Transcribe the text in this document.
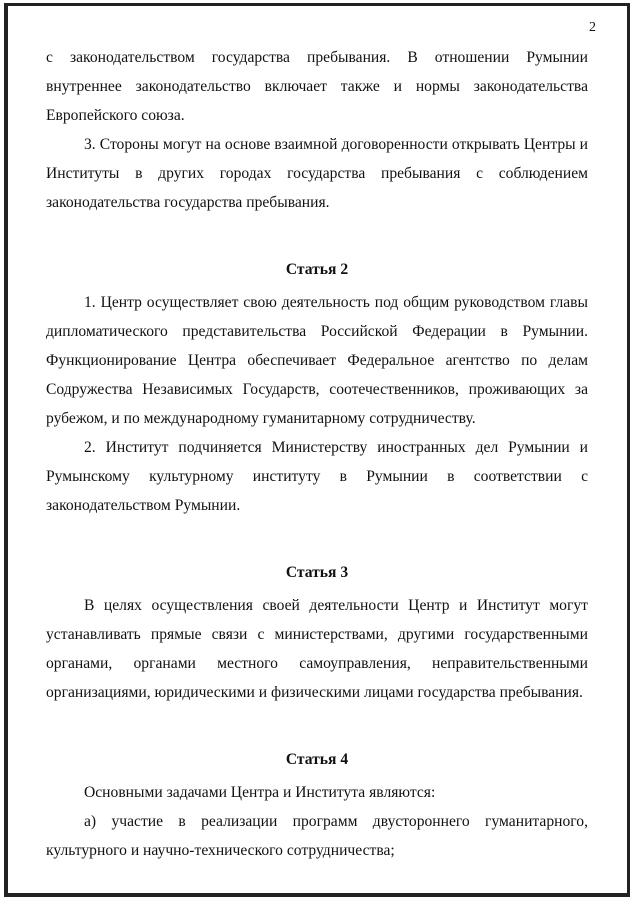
2

с законодательством государства пребывания. В отношении Румынии внутреннее законодательство включает также и нормы законодательства Европейского союза.

3. Стороны могут на основе взаимной договоренности открывать Центры и Институты в других городах государства пребывания с соблюдением законодательства государства пребывания.

Статья 2

1. Центр осуществляет свою деятельность под общим руководством главы дипломатического представительства Российской Федерации в Румынии. Функционирование Центра обеспечивает Федеральное агентство по делам Содружества Независимых Государств, соотечественников, проживающих за рубежом, и по международному гуманитарному сотрудничеству.

2. Институт подчиняется Министерству иностранных дел Румынии и Румынскому культурному институту в Румынии в соответствии с законодательством Румынии.

Статья 3

В целях осуществления своей деятельности Центр и Институт могут устанавливать прямые связи с министерствами, другими государственными органами, органами местного самоуправления, неправительственными организациями, юридическими и физическими лицами государства пребывания.

Статья 4

Основными задачами Центра и Института являются:

а) участие в реализации программ двустороннего гуманитарного, культурного и научно-технического сотрудничества;
